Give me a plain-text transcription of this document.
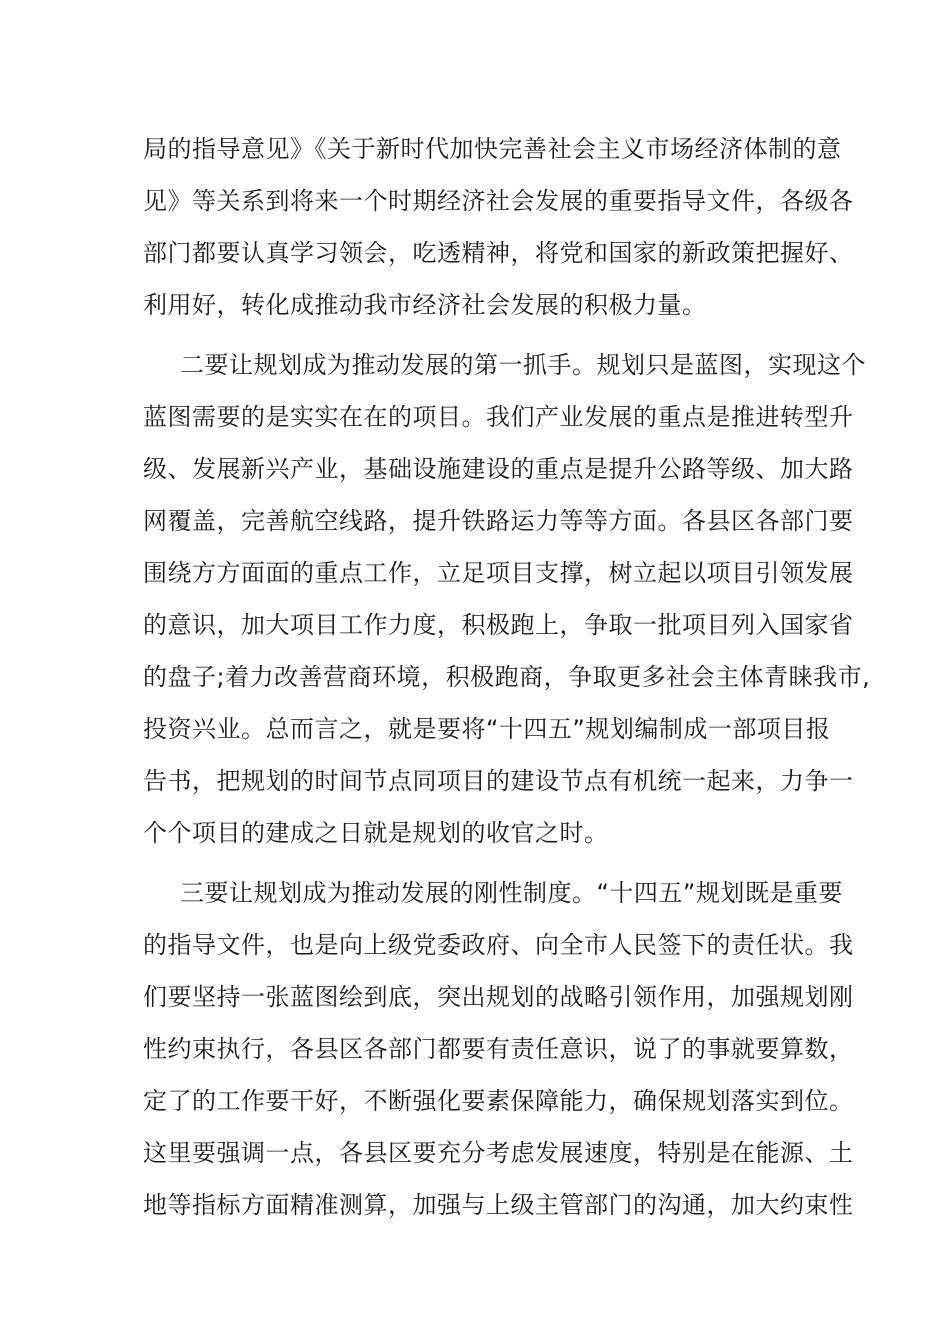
局的指导意见》《关于新时代加快完善社会主义市场经济体制的意
见》等关系到将来一个时期经济社会发展的重要指导文件，各级各
部门都要认真学习领会，吃透精神，将党和国家的新政策把握好、
利用好，转化成推动我市经济社会发展的积极力量。
二要让规划成为推动发展的第一抓手。规划只是蓝图，实现这个
蓝图需要的是实实在在的项目。我们产业发展的重点是推进转型升
级、发展新兴产业，基础设施建设的重点是提升公路等级、加大路
网覆盖，完善航空线路，提升铁路运力等等方面。各县区各部门要
围绕方方面面的重点工作，立足项目支撑，树立起以项目引领发展
的意识，加大项目工作力度，积极跑上，争取一批项目列入国家省
的盘子;着力改善营商环境，积极跑商，争取更多社会主体青睐我市,
投资兴业。总而言之，就是要将“十四五”规划编制成一部项目报
告书，把规划的时间节点同项目的建设节点有机统一起来，力争一
个个项目的建成之日就是规划的收官之时。
三要让规划成为推动发展的刚性制度。“十四五”规划既是重要
的指导文件，也是向上级党委政府、向全市人民签下的责任状。我
们要坚持一张蓝图绘到底，突出规划的战略引领作用，加强规划刚
性约束执行，各县区各部门都要有责任意识，说了的事就要算数，
定了的工作要干好，不断强化要素保障能力，确保规划落实到位。
这里要强调一点，各县区要充分考虑发展速度，特别是在能源、土
地等指标方面精准测算，加强与上级主管部门的沟通，加大约束性
